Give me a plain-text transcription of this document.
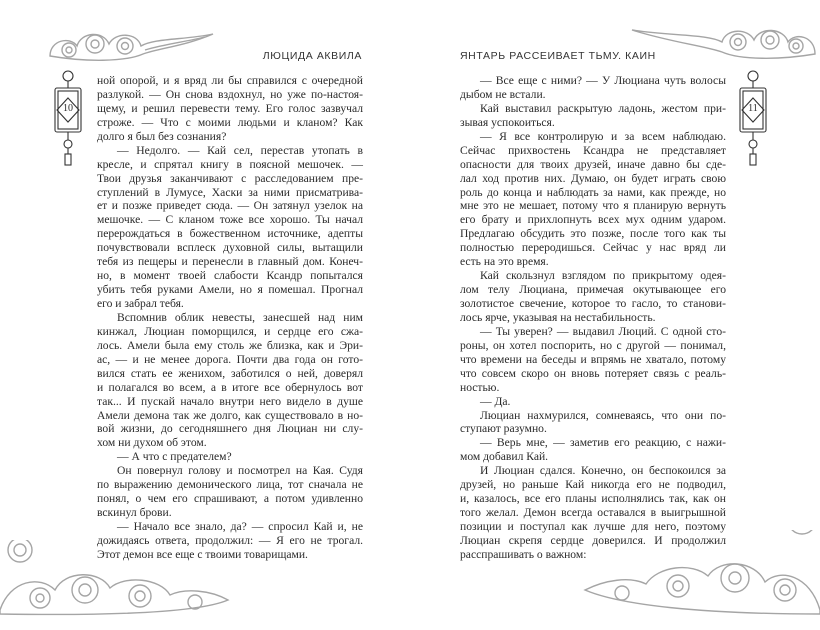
ЛЮЦИДА АКВИЛА
10
ной опорой, и я вряд ли бы справился с очередной
разлукой. — Он снова вздохнул, но уже по-настоя-
щему, и решил перевести тему. Его голос зазвучал
строже. — Что с моими людьми и кланом? Как
долго я был без сознания?
— Недолго. — Кай сел, перестав утопать в
кресле, и спрятал книгу в поясной мешочек. —
Твои друзья заканчивают с расследованием пре-
ступлений в Лумусе, Хаски за ними присматрива-
ет и позже приведет сюда. — Он затянул узелок на
мешочке. — С кланом тоже все хорошо. Ты начал
перерождаться в божественном источнике, адепты
почувствовали всплеск духовной силы, вытащили
тебя из пещеры и перенесли в главный дом. Конеч-
но, в момент твоей слабости Ксандр попытался
убить тебя руками Амели, но я помешал. Прогнал
его и забрал тебя.
Вспомнив облик невесты, занесшей над ним
кинжал, Люциан поморщился, и сердце его сжа-
лось. Амели была ему столь же близка, как и Эри-
ас, — и не менее дорога. Почти два года он гото-
вился стать ее женихом, заботился о ней, доверял
и полагался во всем, а в итоге все обернулось вот
так... И пускай начало внутри него видело в душе
Амели демона так же долго, как существовало в но-
вой жизни, до сегодняшнего дня Люциан ни слу-
хом ни духом об этом.
— А что с предателем?
Он повернул голову и посмотрел на Кая. Судя
по выражению демонического лица, тот сначала не
понял, о чем его спрашивают, а потом удивленно
вскинул брови.
— Начало все знало, да? — спросил Кай и, не
дожидаясь ответа, продолжил: — Я его не трогал.
Этот демон все еще с твоими товарищами.
ЯНТАРЬ РАССЕИВАЕТ ТЬМУ. КАИН
11
— Все еще с ними? — У Люциана чуть волосы
дыбом не встали.
Кай выставил раскрытую ладонь, жестом при-
зывая успокоиться.
— Я все контролирую и за всем наблюдаю.
Сейчас прихвостень Ксандра не представляет
опасности для твоих друзей, иначе давно бы сде-
лал ход против них. Думаю, он будет играть свою
роль до конца и наблюдать за нами, как прежде, но
мне это не мешает, потому что я планирую вернуть
его брату и прихлопнуть всех мух одним ударом.
Предлагаю обсудить это позже, после того как ты
полностью переродишься. Сейчас у нас вряд ли
есть на это время.
Кай скользнул взглядом по прикрытому одея-
лом телу Люциана, примечая окутывающее его
золотистое свечение, которое то гасло, то станови-
лось ярче, указывая на нестабильность.
— Ты уверен? — выдавил Люций. С одной сто-
роны, он хотел поспорить, но с другой — понимал,
что времени на беседы и впрямь не хватало, потому
что совсем скоро он вновь потеряет связь с реаль-
ностью.
— Да.
Люциан нахмурился, сомневаясь, что они по-
ступают разумно.
— Верь мне, — заметив его реакцию, с нажи-
мом добавил Кай.
И Люциан сдался. Конечно, он беспокоился за
друзей, но раньше Кай никогда его не подводил,
и, казалось, все его планы исполнялись так, как он
того желал. Демон всегда оставался в выигрышной
позиции и поступал как лучше для него, поэтому
Люциан скрепя сердце доверился. И продолжил
расспрашивать о важном:
